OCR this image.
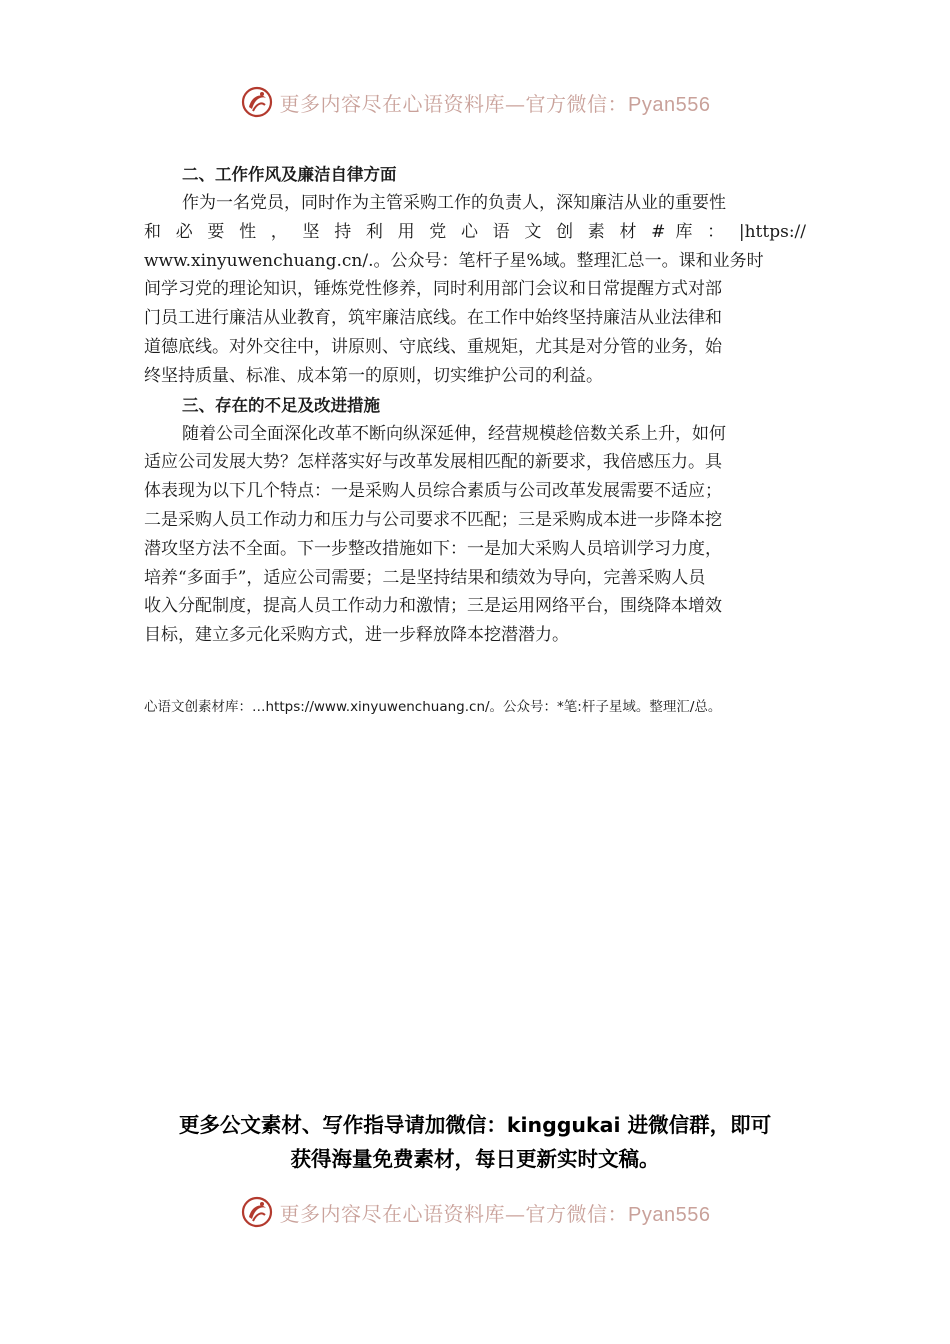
更多内容尽在心语资料库—官方微信：Pyan556
二、工作作风及廉洁自律方面
作为一名党员，同时作为主管采购工作的负责人，深知廉洁从业的重要性
和 必 要 性 ， 坚 持 利 用 党 心 语 文 创 素 材 # 库 ： |https://
www.xinyuwenchuang.cn/.。公众号：笔杆子星%域。整理汇总一。课和业务时
间学习党的理论知识，锤炼党性修养，同时利用部门会议和日常提醒方式对部
门员工进行廉洁从业教育，筑牢廉洁底线。在工作中始终坚持廉洁从业法律和
道德底线。对外交往中，讲原则、守底线、重规矩，尤其是对分管的业务，始
终坚持质量、标准、成本第一的原则，切实维护公司的利益。
三、存在的不足及改进措施
随着公司全面深化改革不断向纵深延伸，经营规模趁倍数关系上升，如何
适应公司发展大势？怎样落实好与改革发展相匹配的新要求，我倍感压力。具
体表现为以下几个特点：一是采购人员综合素质与公司改革发展需要不适应；
二是采购人员工作动力和压力与公司要求不匹配；三是采购成本进一步降本挖
潜攻坚方法不全面。下一步整改措施如下：一是加大采购人员培训学习力度，
培养“多面手”，适应公司需要；二是坚持结果和绩效为导向，完善采购人员
收入分配制度，提高人员工作动力和激情；三是运用网络平台，围绕降本增效
目标，建立多元化采购方式，进一步释放降本挖潜潜力。
心语文创素材库：…https://www.xinyuwenchuang.cn/。公众号：*笔:杆子星域。整理汇/总。
更多公文素材、写作指导请加微信：kinggukai 进微信群，即可
获得海量免费素材，每日更新实时文稿。
更多内容尽在心语资料库—官方微信：Pyan556
